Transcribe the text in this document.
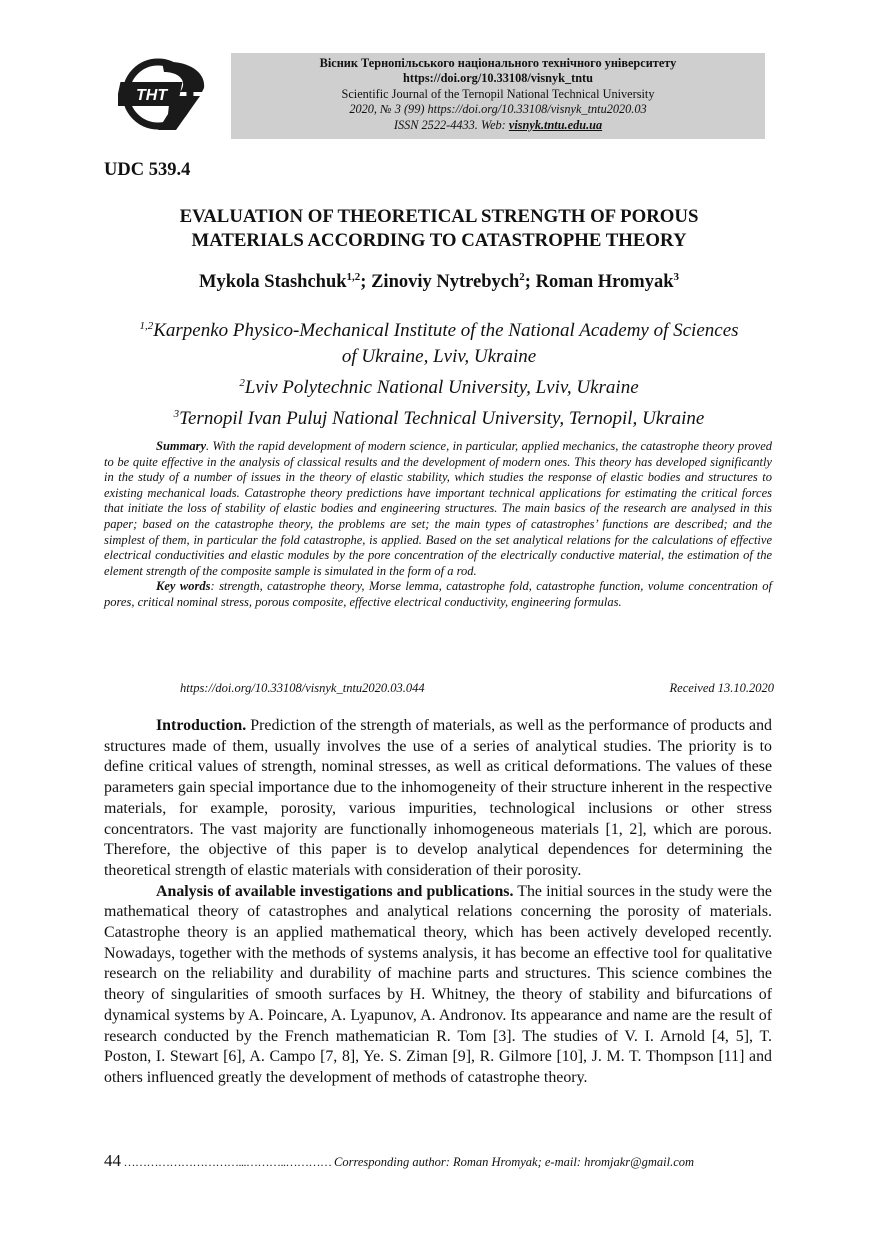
THT
Вісник Тернопільського національного технічного університету
https://doi.org/10.33108/visnyk_tntu
Scientific Journal of the Ternopil National Technical University
2020, № 3 (99) https://doi.org/10.33108/visnyk_tntu2020.03
ISSN 2522-4433. Web: visnyk.tntu.edu.ua
UDC 539.4
EVALUATION OF THEORETICAL STRENGTH OF POROUS
MATERIALS ACCORDING TO CATASTROPHE THEORY
Mykola Stashchuk$^{1,2}$; Zinoviy Nytrebych$^2$; Roman Hromyak$^3$
$^{1,2}$Karpenko Physico-Mechanical Institute of the National Academy of Sciences
of Ukraine, Lviv, Ukraine
$^2$Lviv Polytechnic National University, Lviv, Ukraine
$^3$Ternopil Ivan Puluj National Technical University, Ternopil, Ukraine

Summary. With the rapid development of modern science, in particular, applied mechanics, the catastrophe theory proved to be quite effective in the analysis of classical results and the development of modern ones. This theory has developed significantly in the study of a number of issues in the theory of elastic stability, which studies the response of elastic bodies and structures to existing mechanical loads. Catastrophe theory predictions have important technical applications for estimating the critical forces that initiate the loss of stability of elastic bodies and engineering structures. The main basics of the research are analysed in this paper; based on the catastrophe theory, the problems are set; the main types of catastrophes’ functions are described; and the simplest of them, in particular the fold catastrophe, is applied. Based on the set analytical relations for the calculations of effective electrical conductivities and elastic modules by the pore concentration of the electrically conductive material, the estimation of the element strength of the composite sample is simulated in the form of a rod.

Key words: strength, catastrophe theory, Morse lemma, catastrophe fold, catastrophe function, volume concentration of pores, critical nominal stress, porous composite, effective electrical conductivity, engineering formulas.

https://doi.org/10.33108/visnyk_tntu2020.03.044	Received 13.10.2020

Introduction. Prediction of the strength of materials, as well as the performance of products and structures made of them, usually involves the use of a series of analytical studies. The priority is to define critical values of strength, nominal stresses, as well as critical deformations. The values of these parameters gain special importance due to the inhomogeneity of their structure inherent in the respective materials, for example, porosity, various impurities, technological inclusions or other stress concentrators. The vast majority are functionally inhomogeneous materials [1, 2], which are porous. Therefore, the objective of this paper is to develop analytical dependences for determining the theoretical strength of elastic materials with consideration of their porosity.

Analysis of available investigations and publications. The initial sources in the study were the mathematical theory of catastrophes and analytical relations concerning the porosity of materials. Catastrophe theory is an applied mathematical theory, which has been actively developed recently. Nowadays, together with the methods of systems analysis, it has become an effective tool for qualitative research on the reliability and durability of machine parts and structures. This science combines the theory of singularities of smooth surfaces by H. Whitney, the theory of stability and bifurcations of dynamical systems by A. Poincare, A. Lyapunov, A. Andronov. Its appearance and name are the result of research conducted by the French mathematician R. Tom [3]. The studies of V. I. Arnold [4, 5], T. Poston, I. Stewart [6], A. Campo [7, 8], Ye. S. Ziman [9], R. Gilmore [10], J. M. T. Thompson [11] and others influenced greatly the development of methods of catastrophe theory.

44 …………………………...………..………… Corresponding author: Roman Hromyak; e-mail: hromjakr@gmail.com
